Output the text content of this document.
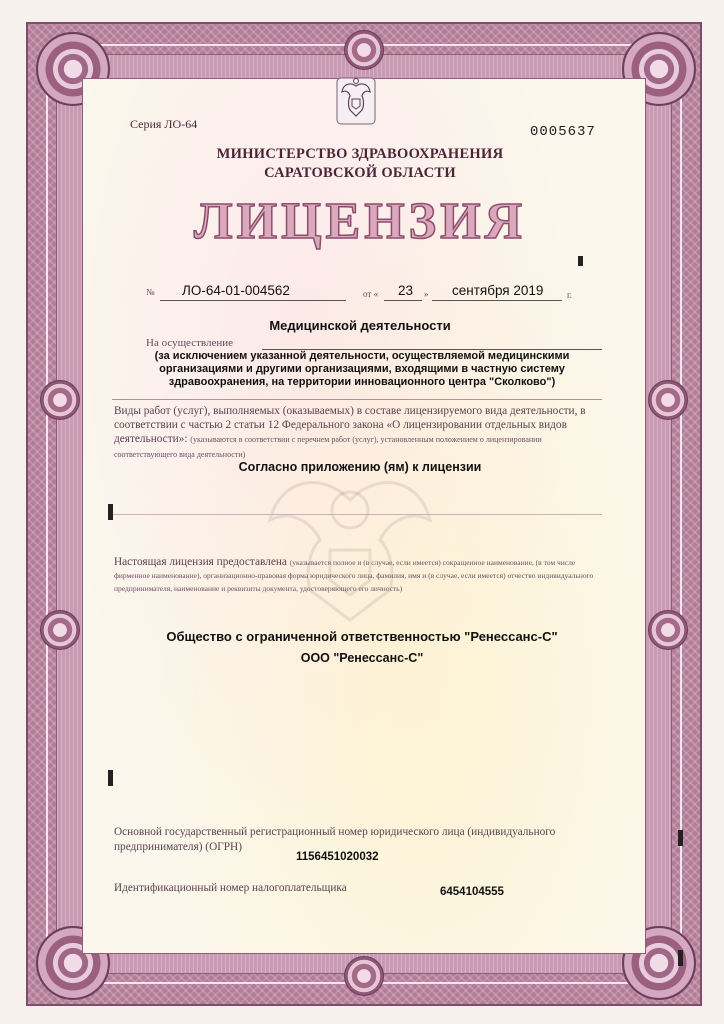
Серия ЛО-64	0005637
МИНИСТЕРСТВО ЗДРАВООХРАНЕНИЯ
САРАТОВСКОЙ ОБЛАСТИ
ЛИЦЕНЗИЯ
№ ЛО-64-01-004562	от « 23 » сентября 2019	г.
Медицинской деятельности
На осуществление
(за исключением указанной деятельности, осуществляемой медицинскими организациями и другими организациями, входящими в частную систему здравоохранения, на территории инновационного центра "Сколково")
Виды работ (услуг), выполняемых (оказываемых) в составе лицензируемого вида деятельности, в соответствии с частью 2 статьи 12 Федерального закона «О лицензировании отдельных видов деятельности»: (указываются в соответствии с перечнем работ (услуг), установленным положением о лицензировании соответствующего вида деятельности)
Согласно приложению (ям) к лицензии
Настоящая лицензия предоставлена (указывается полное и (в случае, если имеется) сокращенное наименование, (в том числе фирменное наименование), организационно-правовая форма юридического лица, фамилия, имя и (в случае, если имеется) отчество индивидуального предпринимателя, наименование и реквизиты документа, удостоверяющего его личность)
Общество с ограниченной ответственностью "Ренессанс-С"
ООО "Ренессанс-С"
Основной государственный регистрационный номер юридического лица (индивидуального предпринимателя) (ОГРН)
1156451020032
Идентификационный номер налогоплательщика	6454104555
